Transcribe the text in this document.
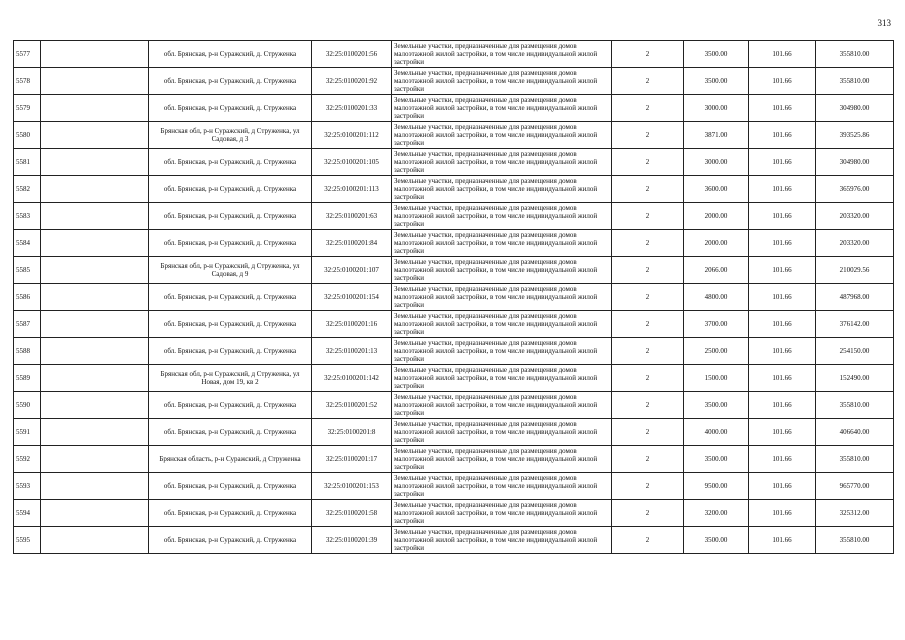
313
5577		обл. Брянская, р-н Суражский, д. Струженка	32:25:0100201:56	Земельные участки, предназначенные для размещения домов малоэтажной жилой застройки, в том числе индивидуальной жилой застройки	2	3500.00	101.66	355810.00
5578		обл. Брянская, р-н Суражский, д. Струженка	32:25:0100201:92	Земельные участки, предназначенные для размещения домов малоэтажной жилой застройки, в том числе индивидуальной жилой застройки	2	3500.00	101.66	355810.00
5579		обл. Брянская, р-н Суражский, д. Струженка	32:25:0100201:33	Земельные участки, предназначенные для размещения домов малоэтажной жилой застройки, в том числе индивидуальной жилой застройки	2	3000.00	101.66	304980.00
5580		Брянская обл, р-н Суражский, д Струженка, ул Садовая, д 3	32:25:0100201:112	Земельные участки, предназначенные для размещения домов малоэтажной жилой застройки, в том числе индивидуальной жилой застройки	2	3871.00	101.66	393525.86
5581		обл. Брянская, р-н Суражский, д. Струженка	32:25:0100201:105	Земельные участки, предназначенные для размещения домов малоэтажной жилой застройки, в том числе индивидуальной жилой застройки	2	3000.00	101.66	304980.00
5582		обл. Брянская, р-н Суражский, д. Струженка	32:25:0100201:113	Земельные участки, предназначенные для размещения домов малоэтажной жилой застройки, в том числе индивидуальной жилой застройки	2	3600.00	101.66	365976.00
5583		обл. Брянская, р-н Суражский, д. Струженка	32:25:0100201:63	Земельные участки, предназначенные для размещения домов малоэтажной жилой застройки, в том числе индивидуальной жилой застройки	2	2000.00	101.66	203320.00
5584		обл. Брянская, р-н Суражский, д. Струженка	32:25:0100201:84	Земельные участки, предназначенные для размещения домов малоэтажной жилой застройки, в том числе индивидуальной жилой застройки	2	2000.00	101.66	203320.00
5585		Брянская обл, р-н Суражский, д Струженка, ул Садовая, д 9	32:25:0100201:107	Земельные участки, предназначенные для размещения домов малоэтажной жилой застройки, в том числе индивидуальной жилой застройки	2	2066.00	101.66	210029.56
5586		обл. Брянская, р-н Суражский, д. Струженка	32:25:0100201:154	Земельные участки, предназначенные для размещения домов малоэтажной жилой застройки, в том числе индивидуальной жилой застройки	2	4800.00	101.66	487968.00
5587		обл. Брянская, р-н Суражский, д. Струженка	32:25:0100201:16	Земельные участки, предназначенные для размещения домов малоэтажной жилой застройки, в том числе индивидуальной жилой застройки	2	3700.00	101.66	376142.00
5588		обл. Брянская, р-н Суражский, д. Струженка	32:25:0100201:13	Земельные участки, предназначенные для размещения домов малоэтажной жилой застройки, в том числе индивидуальной жилой застройки	2	2500.00	101.66	254150.00
5589		Брянская обл, р-н Суражский, д Струженка, ул Новая, дом 19, кв 2	32:25:0100201:142	Земельные участки, предназначенные для размещения домов малоэтажной жилой застройки, в том числе индивидуальной жилой застройки	2	1500.00	101.66	152490.00
5590		обл. Брянская, р-н Суражский, д. Струженка	32:25:0100201:52	Земельные участки, предназначенные для размещения домов малоэтажной жилой застройки, в том числе индивидуальной жилой застройки	2	3500.00	101.66	355810.00
5591		обл. Брянская, р-н Суражский, д. Струженка	32:25:0100201:8	Земельные участки, предназначенные для размещения домов малоэтажной жилой застройки, в том числе индивидуальной жилой застройки	2	4000.00	101.66	406640.00
5592		Брянская область, р-н Суражский, д Струженка	32:25:0100201:17	Земельные участки, предназначенные для размещения домов малоэтажной жилой застройки, в том числе индивидуальной жилой застройки	2	3500.00	101.66	355810.00
5593		обл. Брянская, р-н Суражский, д. Струженка	32:25:0100201:153	Земельные участки, предназначенные для размещения домов малоэтажной жилой застройки, в том числе индивидуальной жилой застройки	2	9500.00	101.66	965770.00
5594		обл. Брянская, р-н Суражский, д. Струженка	32:25:0100201:58	Земельные участки, предназначенные для размещения домов малоэтажной жилой застройки, в том числе индивидуальной жилой застройки	2	3200.00	101.66	325312.00
5595		обл. Брянская, р-н Суражский, д. Струженка	32:25:0100201:39	Земельные участки, предназначенные для размещения домов малоэтажной жилой застройки, в том числе индивидуальной жилой застройки	2	3500.00	101.66	355810.00
